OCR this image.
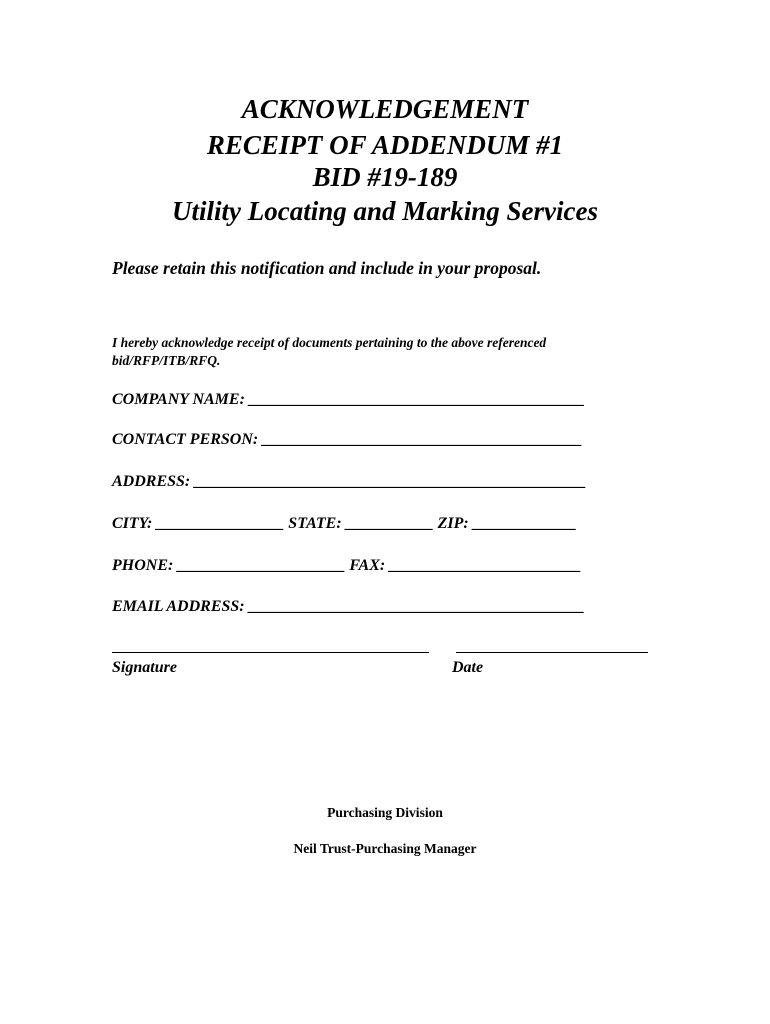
ACKNOWLEDGEMENT
RECEIPT OF ADDENDUM #1
BID #19-189
Utility Locating and Marking Services
Please retain this notification and include in your proposal.
I hereby acknowledge receipt of documents pertaining to the above referenced bid/RFP/ITB/RFQ.
COMPANY NAME: __________________________________________
CONTACT PERSON: ________________________________________
ADDRESS: _________________________________________________
CITY: ________________ STATE: ___________ ZIP: _____________
PHONE: _____________________ FAX: ________________________
EMAIL ADDRESS: __________________________________________
Signature	Date
Purchasing Division
Neil Trust-Purchasing Manager
